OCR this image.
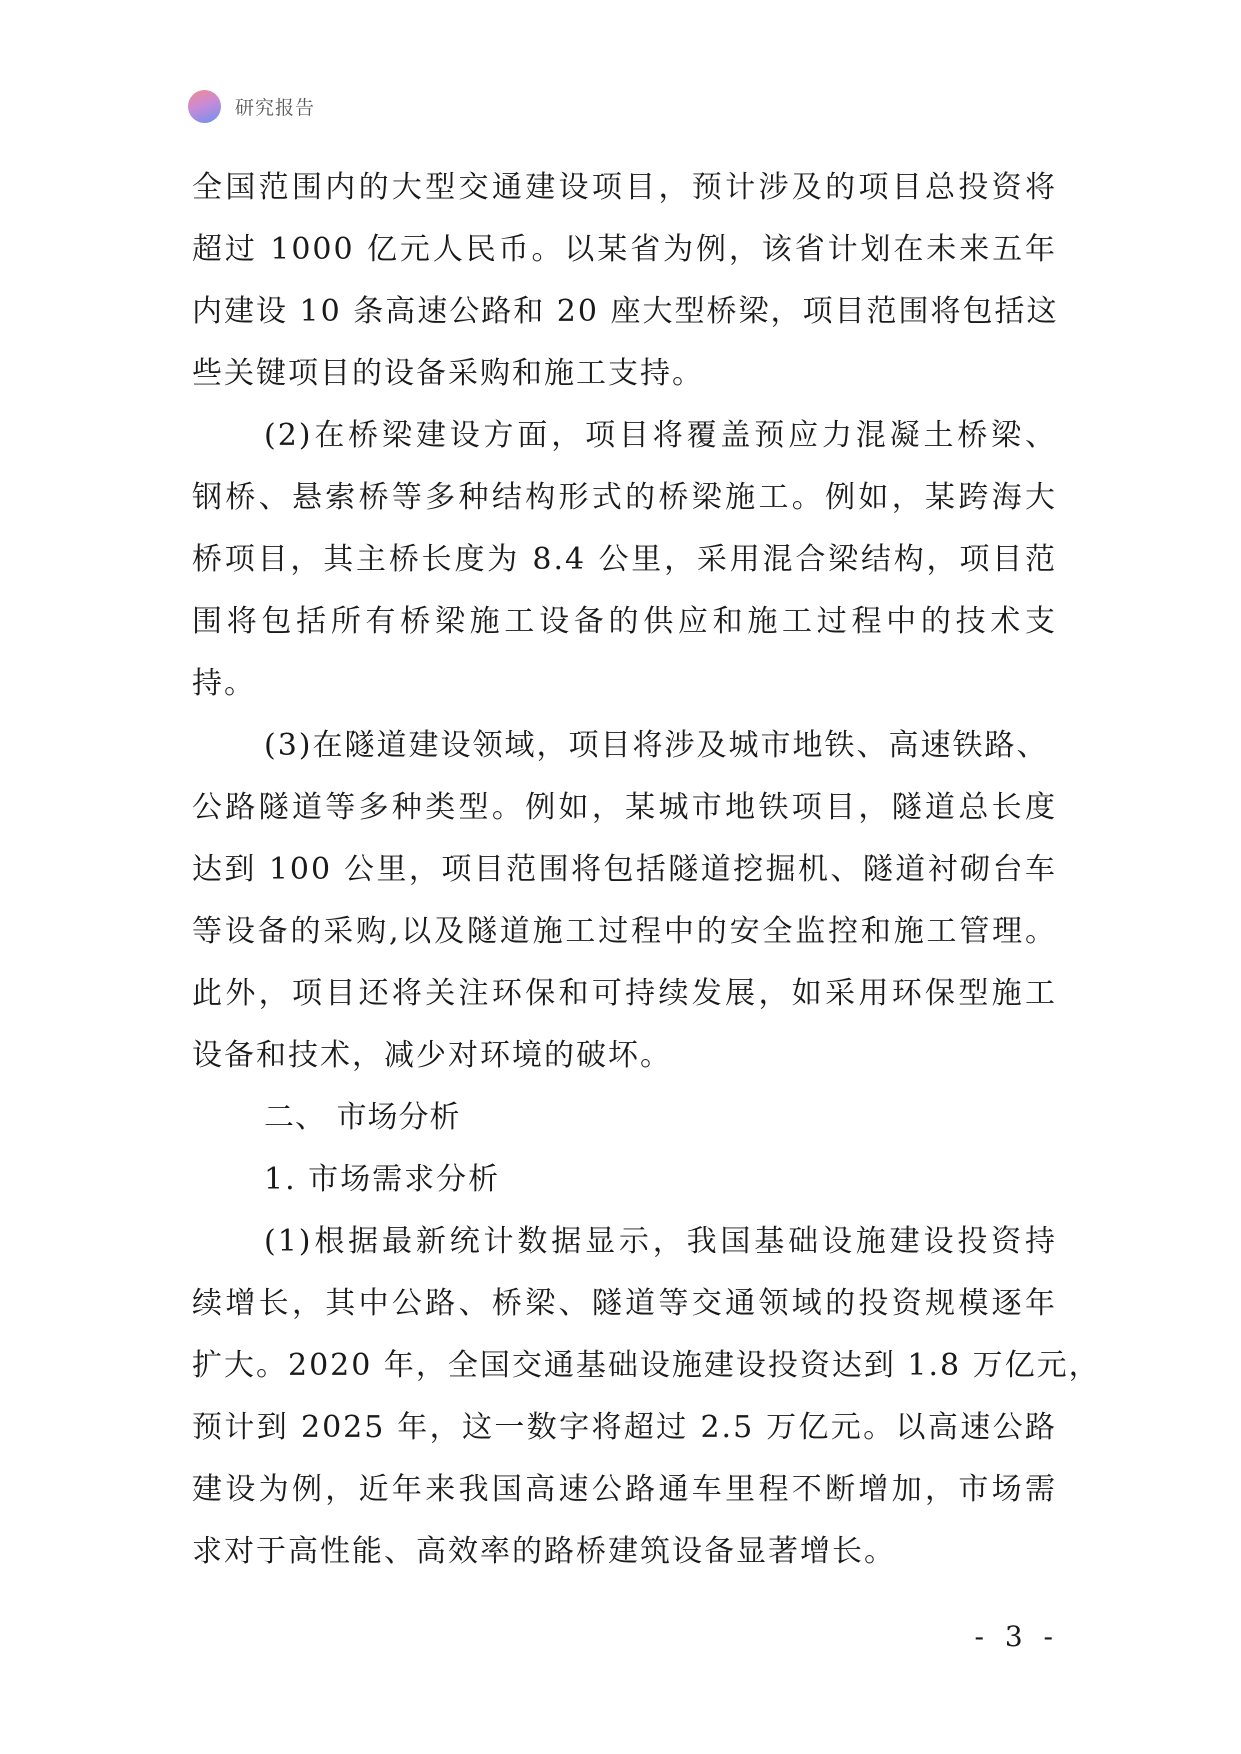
研究报告
全国范围内的大型交通建设项目，预计涉及的项目总投资将
超过 1000 亿元人民币。以某省为例，该省计划在未来五年
内建设 10 条高速公路和 20 座大型桥梁，项目范围将包括这
些关键项目的设备采购和施工支持。
(2)在桥梁建设方面，项目将覆盖预应力混凝土桥梁、
钢桥、悬索桥等多种结构形式的桥梁施工。例如，某跨海大
桥项目，其主桥长度为 8.4 公里，采用混合梁结构，项目范
围将包括所有桥梁施工设备的供应和施工过程中的技术支
持。
(3)在隧道建设领域，项目将涉及城市地铁、高速铁路、
公路隧道等多种类型。例如，某城市地铁项目，隧道总长度
达到 100 公里，项目范围将包括隧道挖掘机、隧道衬砌台车
等设备的采购,以及隧道施工过程中的安全监控和施工管理。
此外，项目还将关注环保和可持续发展，如采用环保型施工
设备和技术，减少对环境的破坏。
二、 市场分析
1. 市场需求分析
(1)根据最新统计数据显示，我国基础设施建设投资持
续增长，其中公路、桥梁、隧道等交通领域的投资规模逐年
扩大。2020 年，全国交通基础设施建设投资达到 1.8 万亿元，
预计到 2025 年，这一数字将超过 2.5 万亿元。以高速公路
建设为例，近年来我国高速公路通车里程不断增加，市场需
求对于高性能、高效率的路桥建筑设备显著增长。
- 3 -
